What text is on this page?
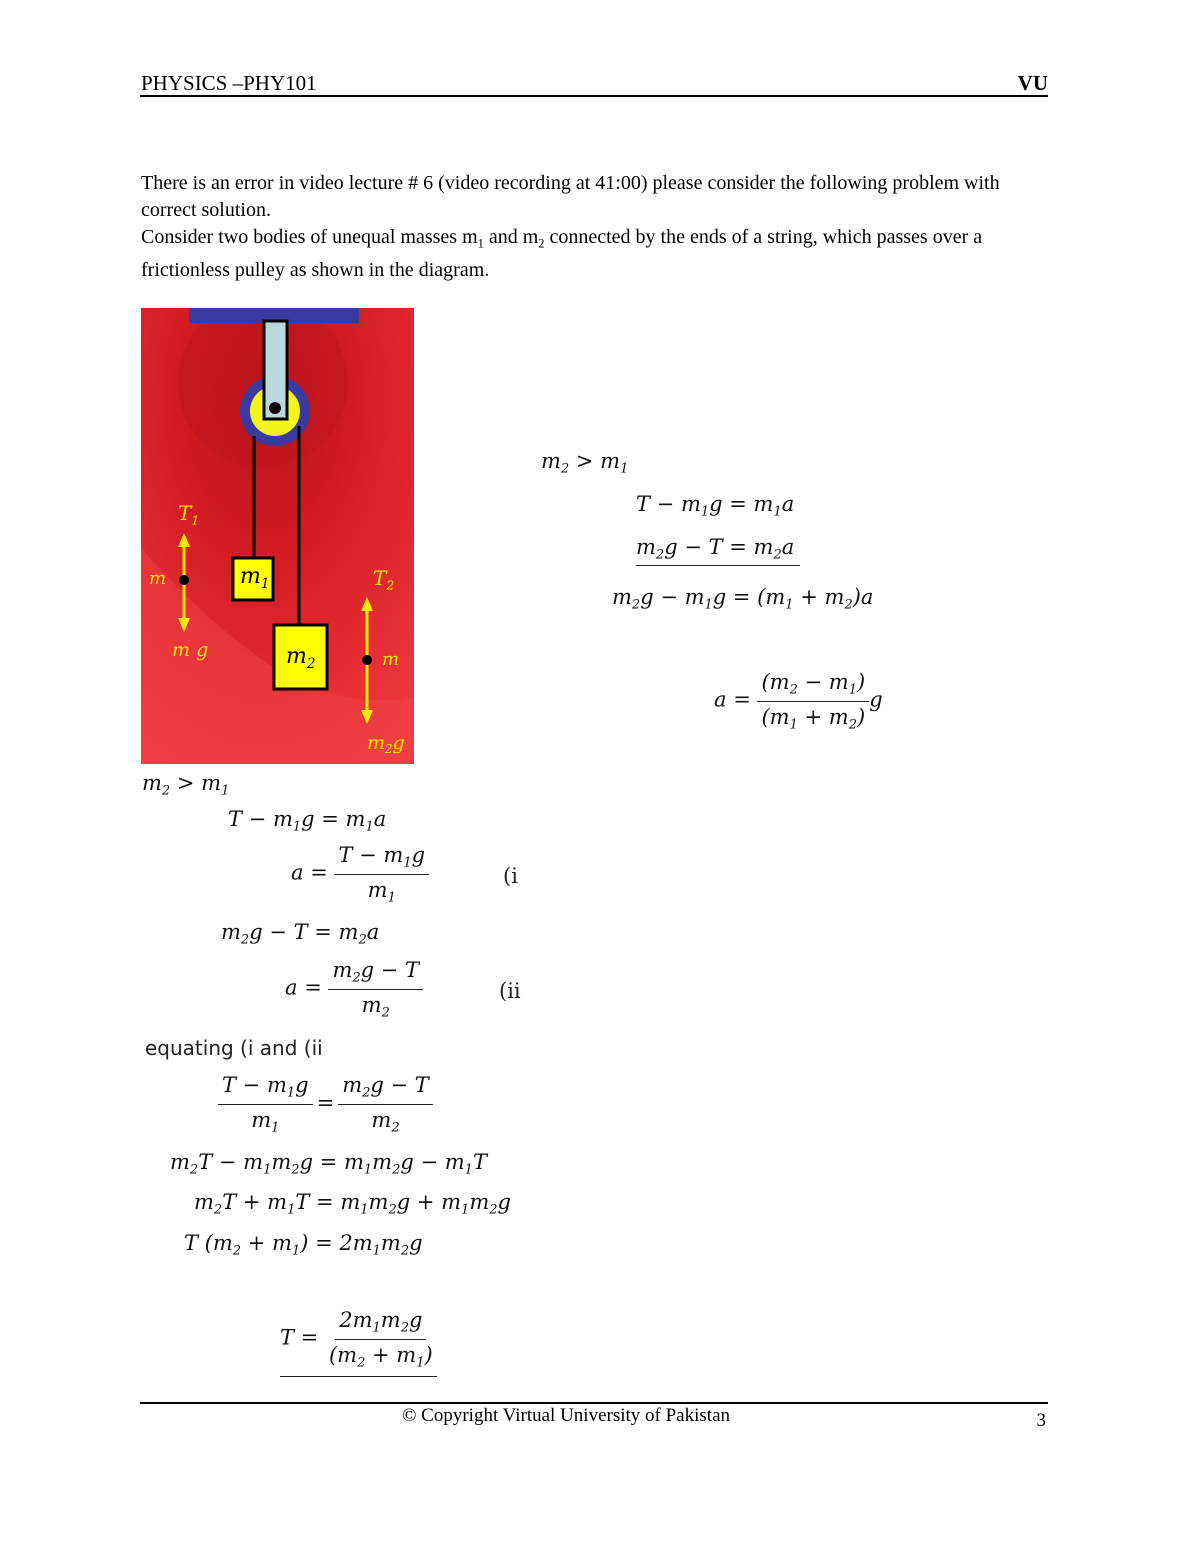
PHYSICS –PHY101	VU

There is an error in video lecture # 6 (video recording at 41:00) please consider the following problem with correct solution.

Consider two bodies of unequal masses $m_1$ and $m_2$ connected by the ends of a string, which passes over a frictionless pulley as shown in the diagram.

$T_1$
m
m g
$T_2$
m
$m_2g$
$m_1$
$m_2$
$m_2 > m_1$
$T - m_1g = m_1a$
$m_2g - T = m_2a$
$m_2g - m_1g = (m_1 + m_2)a$
$a = \frac{(m_2 - m_1)}{(m_1 + m_2)}$ g
$m_2 > m_1$
$T - m_1g = m_1a$
$a = \frac{T - m_1g}{m_1}$	(i
$m_2g - T = m_2a$
$a = \frac{m_2g - T}{m_2}$	(ii
equating (i and (ii
$\frac{T - m_1g}{m_1} = \frac{m_2g - T}{m_2}$
$m_2T - m_1m_2g = m_1m_2g - m_1T$
$m_2T + m_1T = m_1m_2g + m_1m_2g$
T $(m_2 + m_1) = 2m_1m_2g$
$T = \frac{2m_1m_2g}{(m_2 + m_1)}$
© Copyright Virtual University of Pakistan	3
